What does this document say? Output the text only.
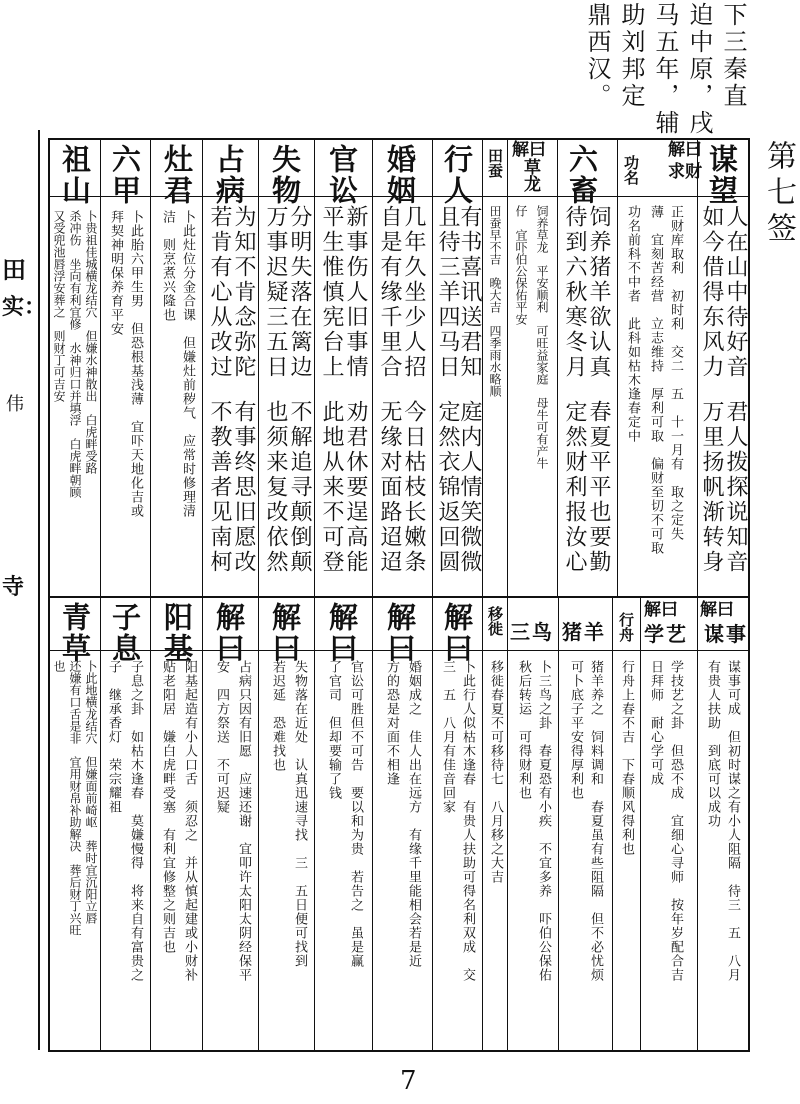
下三秦直
迫中原，戌
马五年，辅
助刘邦定
鼎西汉。
第七签
谋望
解曰
求财
功名
六畜
解曰
草龙
田蚕
行人
婚姻
官讼
失物
占病
灶君
六甲
祖山
人在山中待好音
如今借得东风力
君人拨探说知音
万里扬帆渐转身
正财库取利　初时利　交二　五　十一月有　取之定失
薄　宜刻苦经营　立志维持　厚利可取　偏财至切不可取
功名前科不中者　此科如枯木逢春定中
饲养猪羊欲认真
待到六秋寒冬月
春夏平平也要勤
定然财利报汝心
饲养草龙　平安顺利　可旺益家庭　母牛可有产牛
仔　宜吓伯公保佑平安
田蚕早不吉　晚大吉　四季雨水略顺
有书喜讯送君知
且待三羊四马日
庭内人情笑微微
定然衣锦返回圆
几年久坐少人招
自是有缘千里合
今日枯枝长嫩条
无缘对面路迢迢
新事伤人旧事情
平生惟慎宪台上
劝君休要逞高能
此地从来不可登
分明失落在篱边
万事迟疑三五日
不解追寻颠倒颠
也须来复改依然
为知不肯念弥陀
若肯有心从改过
有事终思旧愿改
不教善者见南柯
卜此灶位分金合课　但嫌灶前秽气　应常时修理清
洁　则烹煮兴隆也
卜此胎六甲生男　但恐根基浅薄　宜吓天地化吉或
拜契神明保养育平安
卜贵祖佳城横龙结穴　但嫌水神散出　白虎畔受路
杀冲伤　坐向有利宜修　水神归口并填浮　白虎畔朝顾
又受兜池唇浮安葬之　则财丁可吉安
解曰
谋事
解曰
学艺
行舟
猪羊
三鸟
移徙
解曰
解曰
解曰
解曰
解曰
阳基
子息
青草
谋事可成　但初时谋之有小人阻隔　待三　五　八月
有贵人扶助　到底可以成功
学技艺之卦　但恐不成　宜细心寻师　按年岁配合吉
日拜师　耐心学可成
行舟上春不吉　下春顺风得利也
猪羊养之　饲料调和　春夏虽有些阻隔　但不必忧烦
可卜底子平安得厚利也
卜三鸟之卦　春夏恐有小疾　不宜多养　吓伯公保佑
秋后转运　可得财利也
移徙春夏不可移待七　八月移之大吉
卜此行人似枯木逢春　有贵人扶助可得名利双成　交
三　五　八月有佳音回家
婚姻成之　佳人出在远方　有缘千里能相会若是近
方的恐是对面不相逢
官讼可胜但不可告　要以和为贵　若告之　虽是赢
了官司　但却要输了钱
失物落在近处　认真迅速寻找　三　五日便可找到
若迟延　恐难找也
占病只因有旧愿　应速还谢　宜叩许太阳太阴经保平
安　四方祭送　不可迟疑
阳基起造有小人口舌　须忍之　并从慎起建或小财补
贴老阳居　嫌白虎畔受塞　有利宜修整之则吉也
子息之卦　如枯木逢春　莫嫌慢得　将来自有富贵之
子　继承香灯　荣宗耀祖
卜此地横龙结穴　但嫌面前崎岖　葬时宜沉阳立唇
还嫌有口舌是非　宜用财帛补助解决　葬后财丁兴旺
也
田
实：
伟
寺
7
